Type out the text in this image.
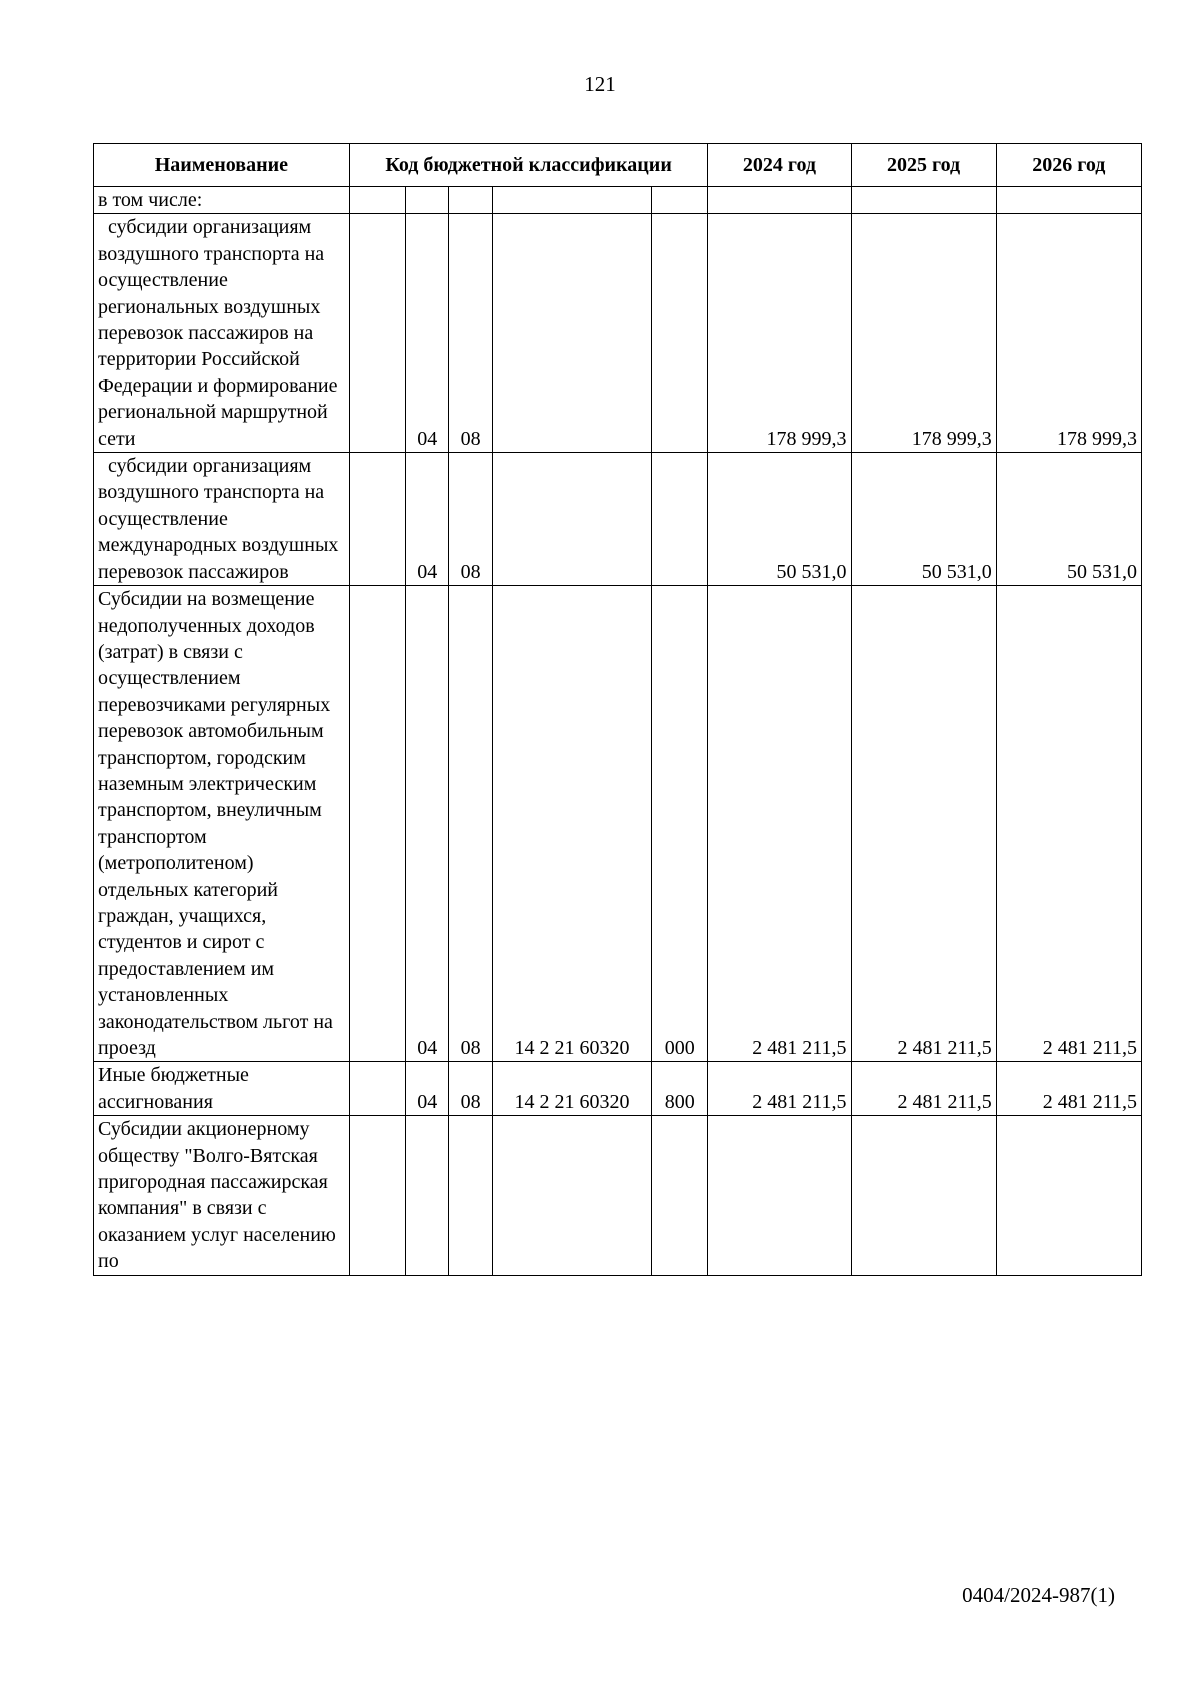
121
Наименование	Код бюджетной классификации					2024 год	2025 год	2026 год
в том числе:								
субсидии организациям воздушного транспорта на осуществление региональных воздушных перевозок пассажиров на территории Российской Федерации и формирование региональной маршрутной сети		04	08			178 999,3	178 999,3	178 999,3
субсидии организациям воздушного транспорта на осуществление международных воздушных перевозок пассажиров		04	08			50 531,0	50 531,0	50 531,0
Субсидии на возмещение недополученных доходов (затрат) в связи с осуществлением перевозчиками регулярных перевозок автомобильным транспортом, городским наземным электрическим транспортом, внеуличным транспортом (метрополитеном) отдельных категорий граждан, учащихся, студентов и сирот с предоставлением им установленных законодательством льгот на проезд		04	08	14 2 21 60320	000	2 481 211,5	2 481 211,5	2 481 211,5
Иные бюджетные ассигнования		04	08	14 2 21 60320	800	2 481 211,5	2 481 211,5	2 481 211,5
Субсидии акционерному обществу "Волго-Вятская пригородная пассажирская компания" в связи с оказанием услуг населению по								
0404/2024-987(1)
